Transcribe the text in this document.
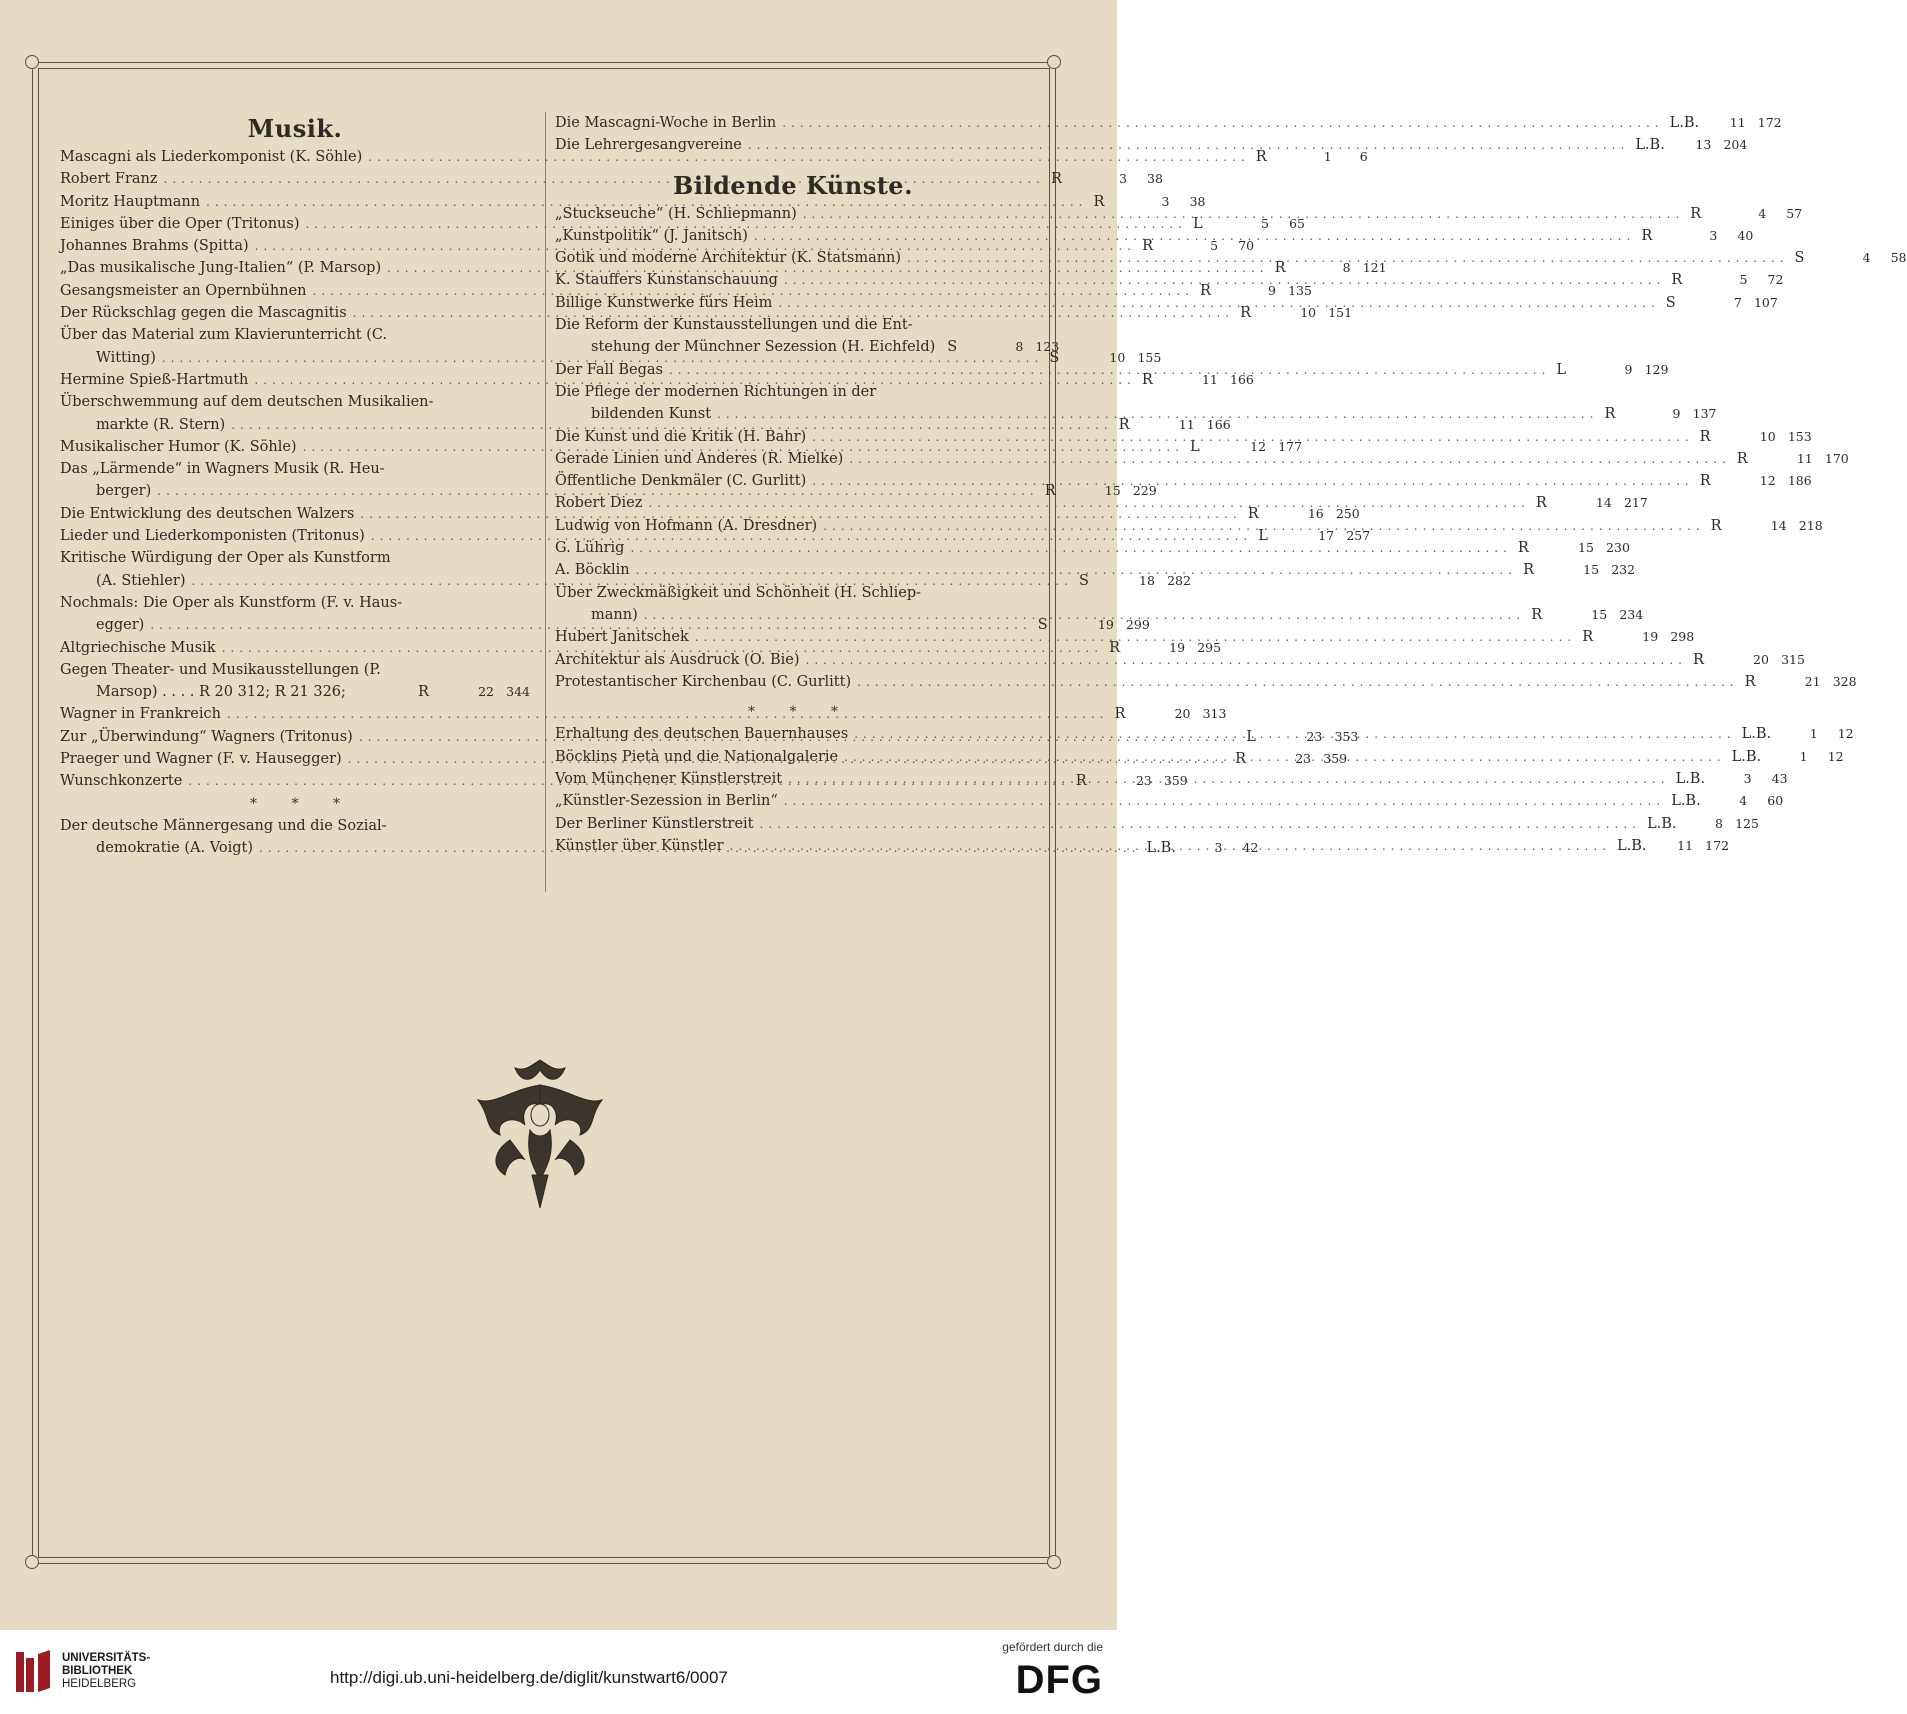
Musik.
Mascagni als Liederkomponist (K. Söhle) .....	R	1	6
Robert Franz .....	R	3	38
Moritz Hauptmann .....	R	3	38
Einiges über die Oper (Tritonus) .....	L	5	65
Johannes Brahms (Spitta) .....	R	5	70
„Das musikalische Jung-Italien“ (P. Marsop) .....	R	8 121
Gesangsmeister an Opernbühnen .....	R	9 135
Der Rückschlag gegen die Mascagnitis .....	R	10 151
Über das Material zum Klavierunterricht (C.
Witting) .....	S	10 155
Hermine Spieß-Hartmuth .....	R	11 166
Überschwemmung auf dem deutschen Musikalien-
markte (R. Stern) .....	R	11 166
Musikalischer Humor (K. Söhle) .....	L	12 177
Das „Lärmende“ in Wagners Musik (R. Heu-
berger) .....	R	15 229
Die Entwicklung des deutschen Walzers .....	R	16 250
Lieder und Liederkomponisten (Tritonus) .....	L	17 257
Kritische Würdigung der Oper als Kunstform
(A. Stiehler) .....	S	18 282
Nochmals: Die Oper als Kunstform (F. v. Haus-
egger) .....	S	19 299
Altgriechische Musik .....	R	19 295
Gegen Theater- und Musikausstellungen (P.
Marsop) . . . . R 20 312; R 21 326;	R	22 344
Wagner in Frankreich .....	R	20 313
Zur „Überwindung“ Wagners (Tritonus) .....	L	23 353
Praeger und Wagner (F. v. Hausegger) .....	R	23 359
Wunschkonzerte .....	R	23 359
* * *
Der deutsche Männergesang und die Sozial-
demokratie (A. Voigt) .....	L.B.	3	42
Die Mascagni-Woche in Berlin .....	L.B.	11 172
Die Lehrergesangvereine .....	L.B.	13 204
Bildende Künste.
„Stuckseuche“ (H. Schliepmann) .....	R	4	57
„Kunstpolitik“ (J. Janitsch) .....	R	3	40
Gotik und moderne Architektur (K. Statsmann) .....	S	4	58
K. Stauffers Kunstanschauung .....	R	5	72
Billige Kunstwerke fürs Heim .....	S	7 107
Die Reform der Kunstausstellungen und die Ent-
stehung der Münchner Sezession (H. Eichfeld) S	8 123
Der Fall Begas .....	L	9 129
Die Pflege der modernen Richtungen in der
bildenden Kunst .....	R	9 137
Die Kunst und die Kritik (H. Bahr) .....	R	10 153
Gerade Linien und Anderes (R. Mielke) .....	R	11 170
Öffentliche Denkmäler (C. Gurlitt) .....	R	12 186
Robert Diez .....	R	14 217
Ludwig von Hofmann (A. Dresdner) .....	R	14 218
G. Lührig .....	R	15 230
A. Böcklin .....	R	15 232
Über Zweckmäßigkeit und Schönheit (H. Schliep-
mann) .....	R	15 234
Hubert Janitschek .....	R	19 298
Architektur als Ausdruck (O. Bie) .....	R	20 315
Protestantischer Kirchenbau (C. Gurlitt) .....	R	21 328
* * *
Erhaltung des deutschen Bauernhauses .....	L.B.	1	12
Böcklins Pietà und die Nationalgalerie .....	L.B.	1	12
Vom Münchener Künstlerstreit .....	L.B.	3	43
„Künstler-Sezession in Berlin“ .....	L.B.	4	60
Der Berliner Künstlerstreit .....	L.B.	8 125
Künstler über Künstler .....	L.B.	11 172
UNIVERSITÄTS-
BIBLIOTHEK
HEIDELBERG	http://digi.ub.uni-heidelberg.de/diglit/kunstwart6/0007
gefördert durch die
DFG
